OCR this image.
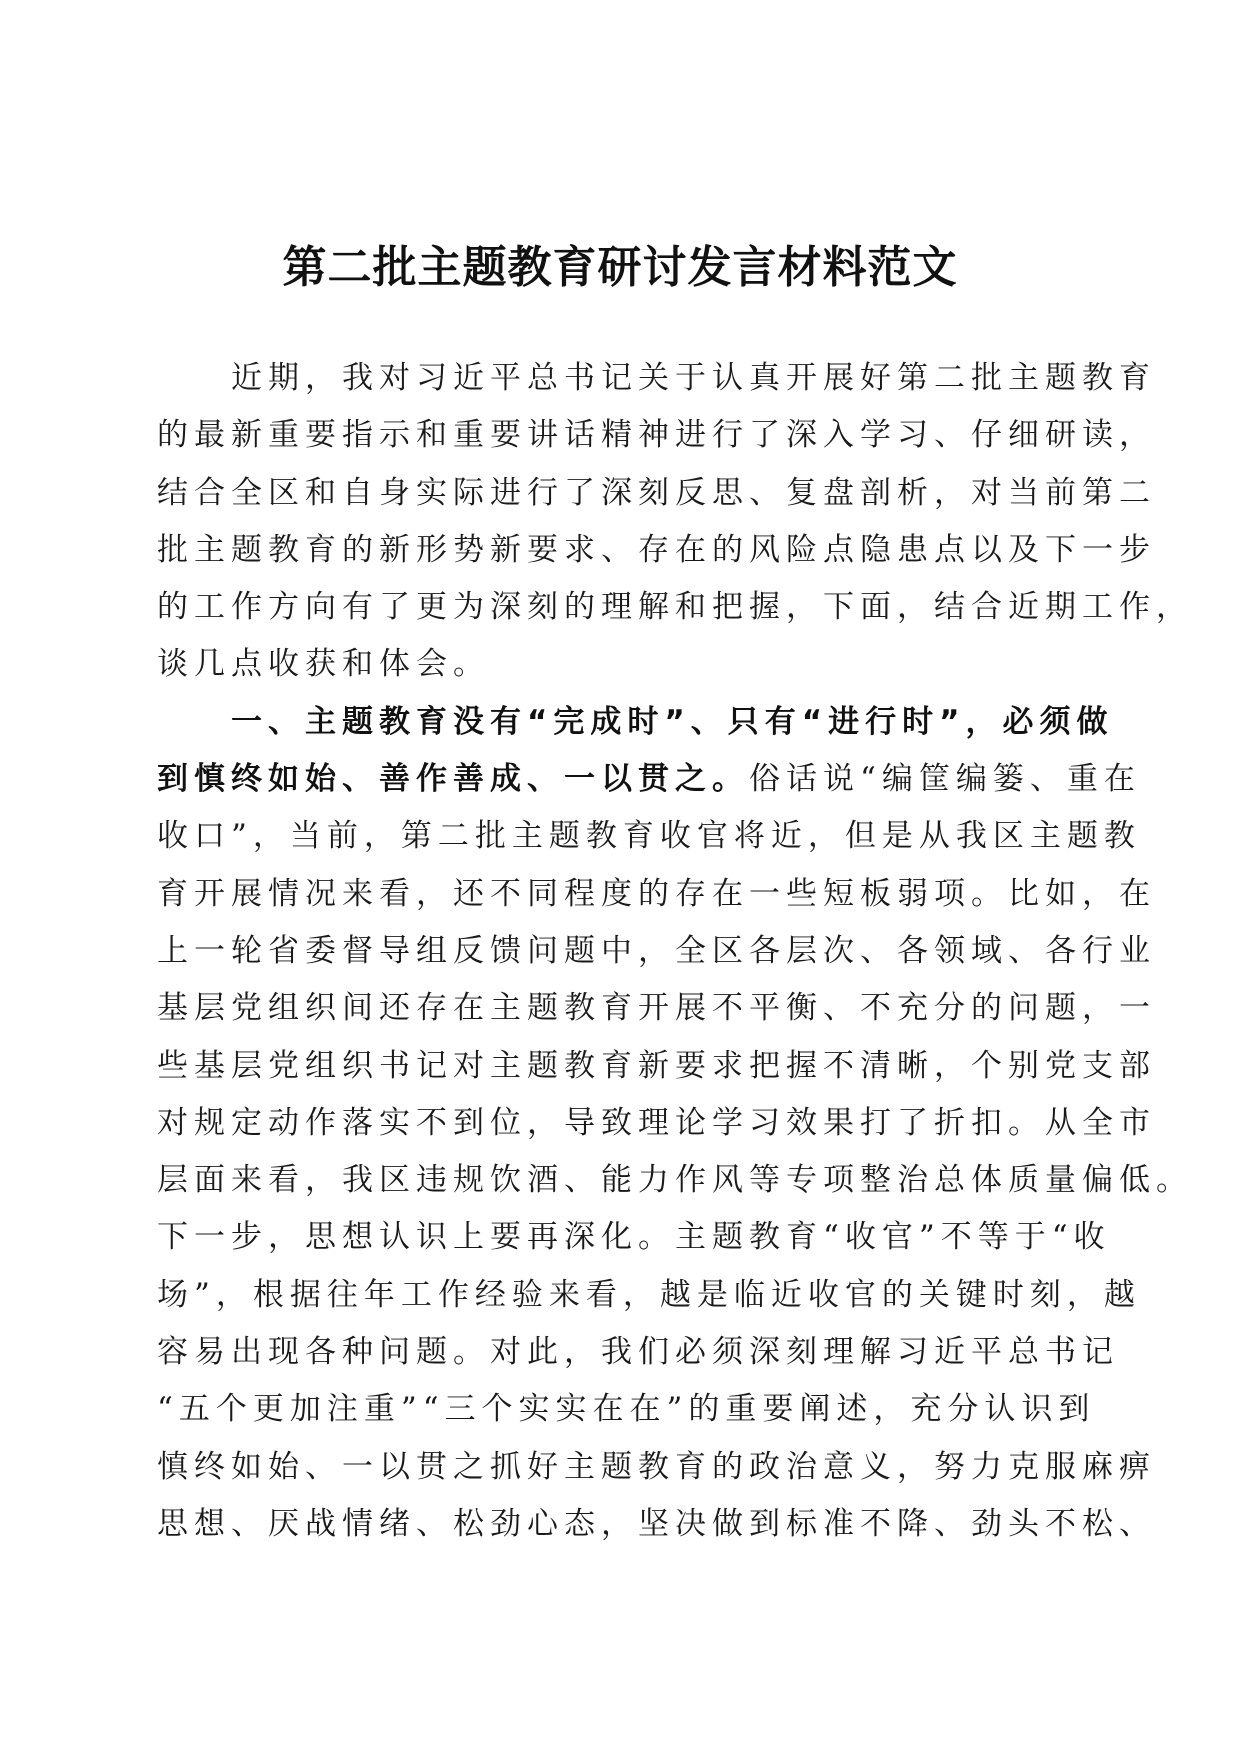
第二批主题教育研讨发言材料范文
近期，我对习近平总书记关于认真开展好第二批主题教育
的最新重要指示和重要讲话精神进行了深入学习、仔细研读，
结合全区和自身实际进行了深刻反思、复盘剖析，对当前第二
批主题教育的新形势新要求、存在的风险点隐患点以及下一步
的工作方向有了更为深刻的理解和把握，下面，结合近期工作，
谈几点收获和体会。
一、主题教育没有“完成时”、只有“进行时”，必须做
到慎终如始、善作善成、一以贯之。俗话说“编筐编篓、重在
收口”，当前，第二批主题教育收官将近，但是从我区主题教
育开展情况来看，还不同程度的存在一些短板弱项。比如，在
上一轮省委督导组反馈问题中，全区各层次、各领域、各行业
基层党组织间还存在主题教育开展不平衡、不充分的问题，一
些基层党组织书记对主题教育新要求把握不清晰，个别党支部
对规定动作落实不到位，导致理论学习效果打了折扣。从全市
层面来看，我区违规饮酒、能力作风等专项整治总体质量偏低。
下一步，思想认识上要再深化。主题教育“收官”不等于“收
场”，根据往年工作经验来看，越是临近收官的关键时刻，越
容易出现各种问题。对此，我们必须深刻理解习近平总书记
“五个更加注重”“三个实实在在”的重要阐述，充分认识到
慎终如始、一以贯之抓好主题教育的政治意义，努力克服麻痹
思想、厌战情绪、松劲心态，坚决做到标准不降、劲头不松、
